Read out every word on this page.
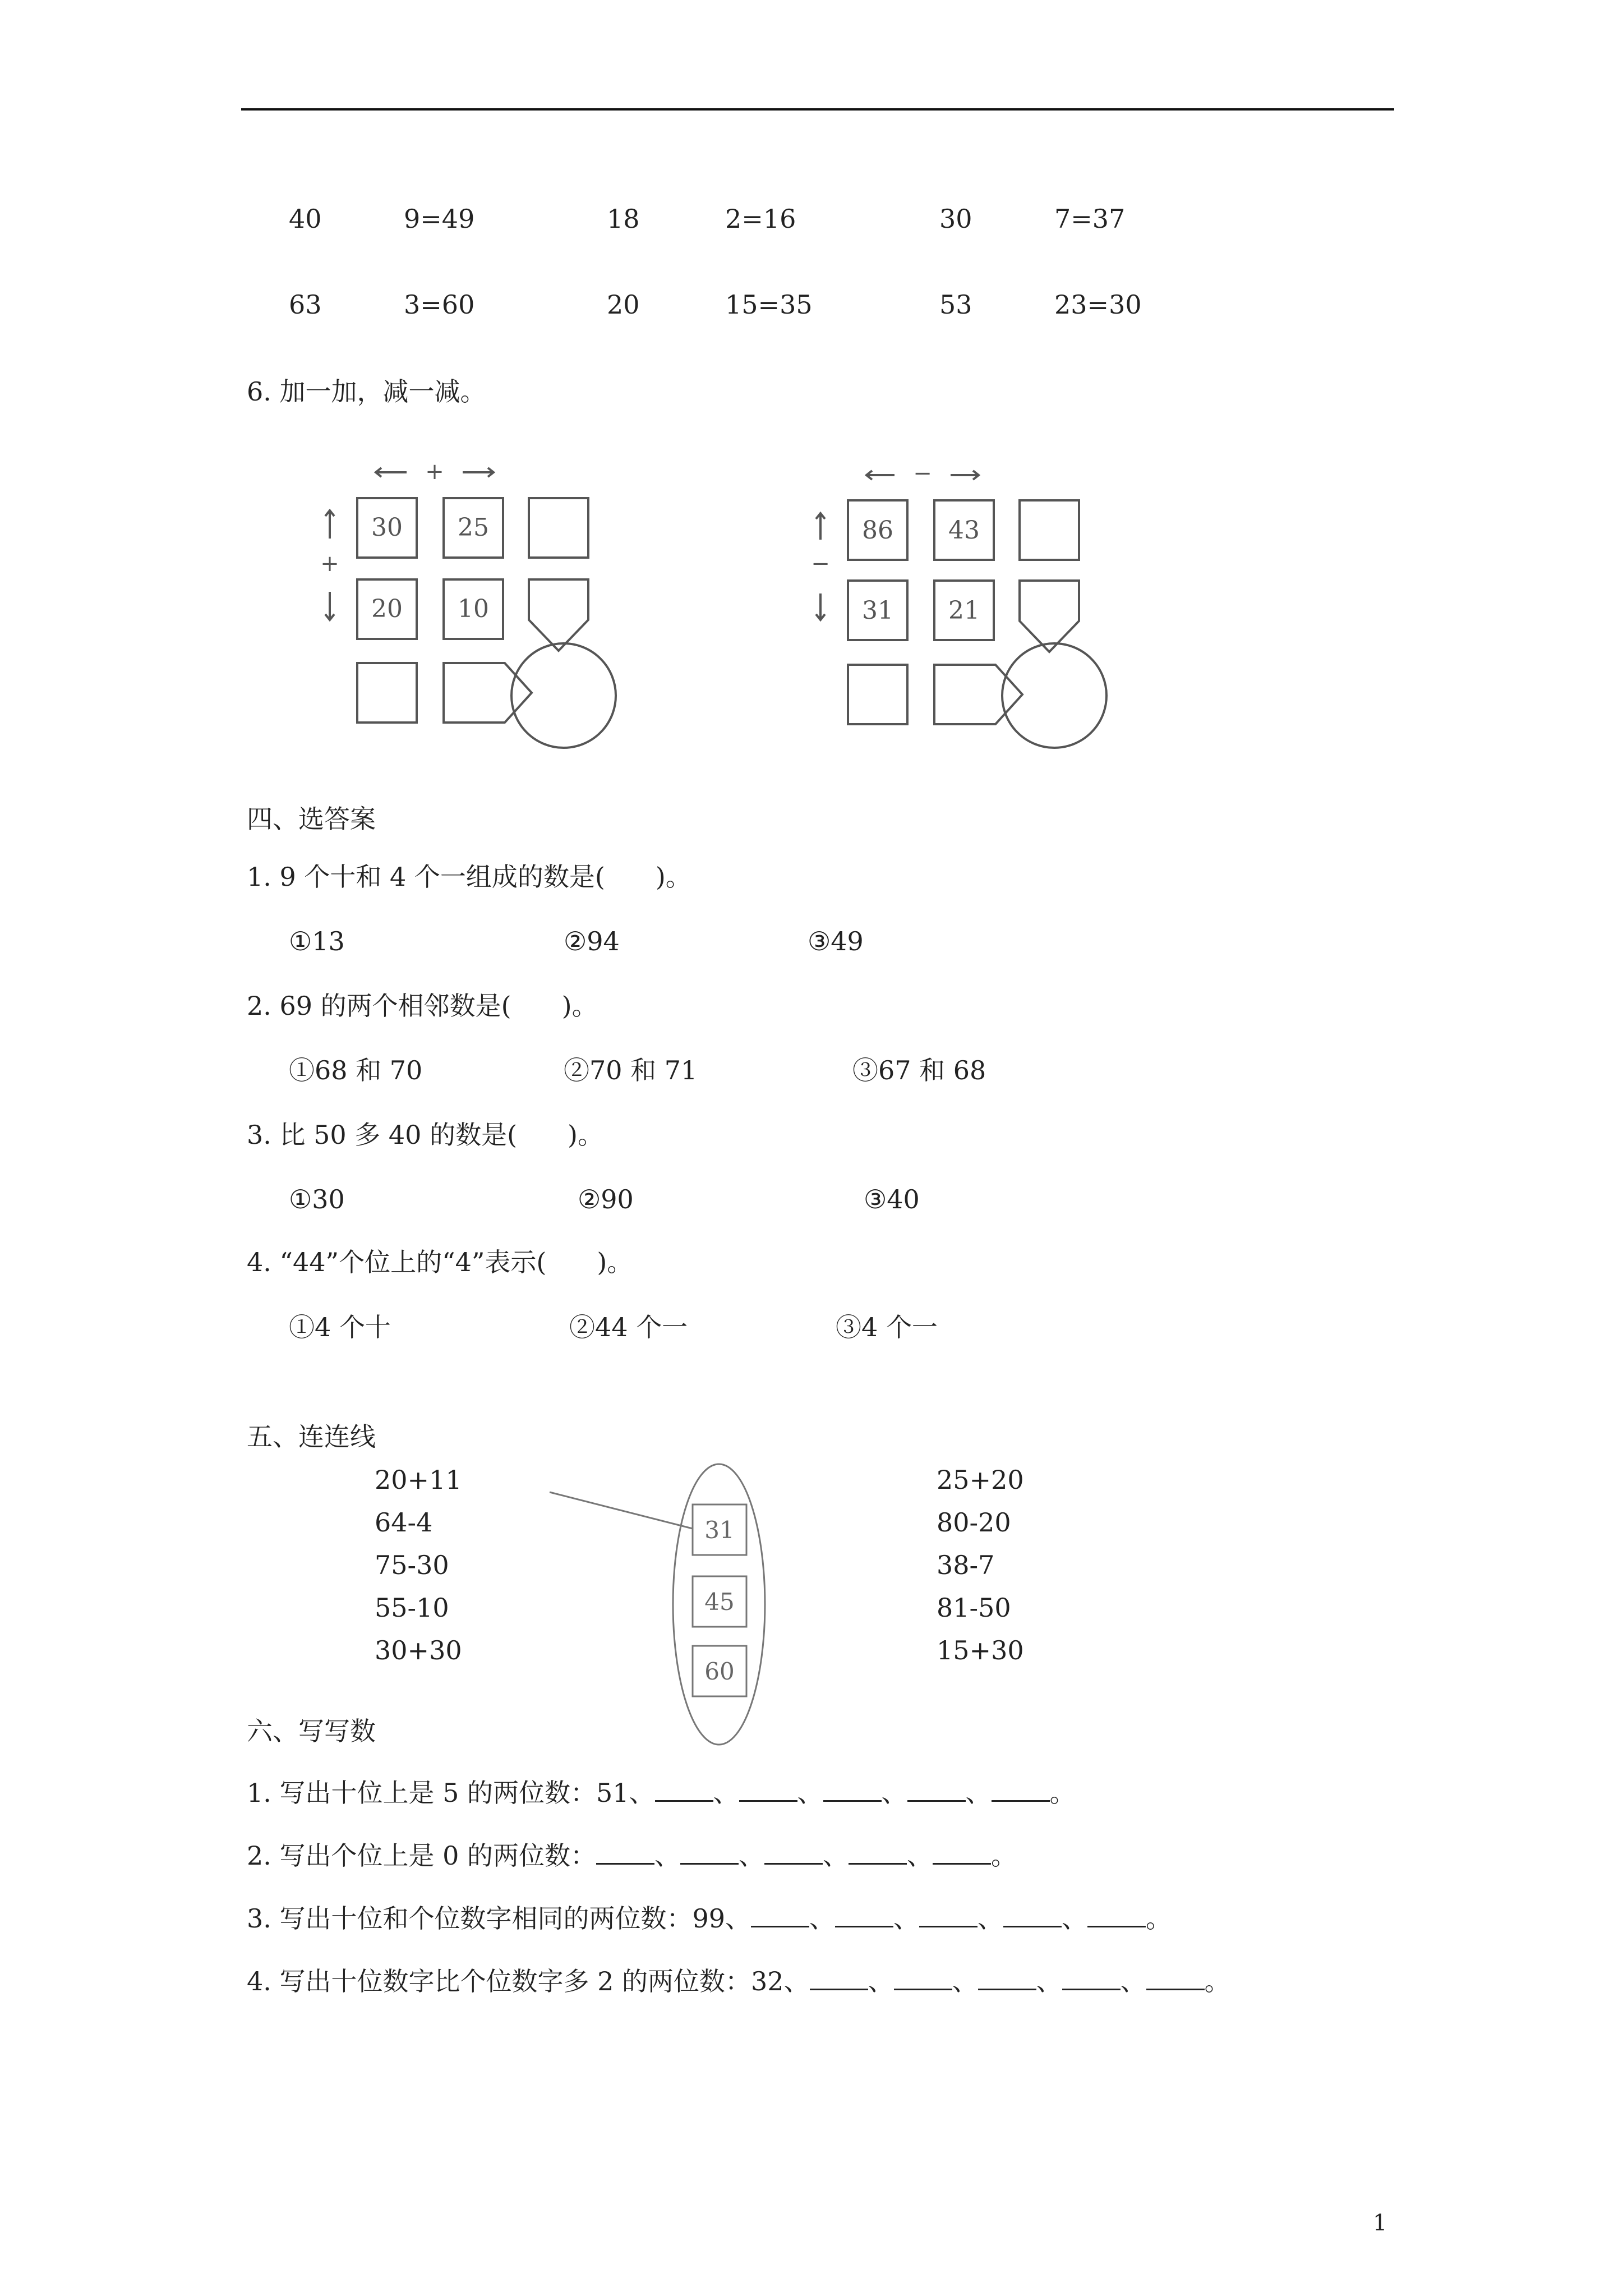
40	9=49	18	2=16	30	7=37
63	3=60	20	15=35	53	23=30
6. 加一加，减一减。
+
+
30 25
20 10
−
−
86 43
31 21
四、选答案
1. 9 个十和 4 个一组成的数是( )。
①13	②94	③49
2. 69 的两个相邻数是( )。
①68 和 70	②70 和 71	③67 和 68
3. 比 50 多 40 的数是( )。
①30	②90	③40
4. “44”个位上的“4”表示( )。
①4 个十	②44 个一	③4 个一
五、连连线
20+11
64-4
75-30
55-10
30+30
25+20
80-20
38-7
81-50
15+30
31
45
60
六、写写数
1. 写出十位上是 5 的两位数：51、 、 、 、 、 。
2. 写出个位上是 0 的两位数： 、 、 、 、 。
3. 写出十位和个位数字相同的两位数：99、 、 、 、 、 。
4. 写出十位数字比个位数字多 2 的两位数：32、 、 、 、 、 。
1
